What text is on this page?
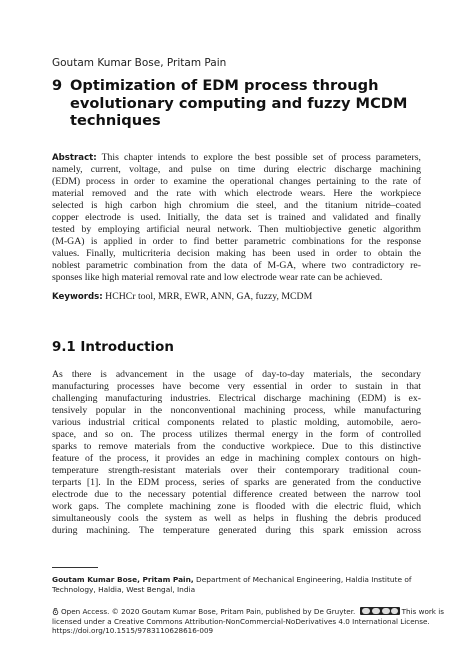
Goutam Kumar Bose, Pritam Pain
9 Optimization of EDM process through
evolutionary computing and fuzzy MCDM
techniques
Abstract: This chapter intends to explore the best possible set of process parameters,
namely, current, voltage, and pulse on time during electric discharge machining
(EDM) process in order to examine the operational changes pertaining to the rate of
material removed and the rate with which electrode wears. Here the workpiece
selected is high carbon high chromium die steel, and the titanium nitride–coated
copper electrode is used. Initially, the data set is trained and validated and finally
tested by employing artificial neural network. Then multiobjective genetic algorithm
(M-GA) is applied in order to find better parametric combinations for the response
values. Finally, multicriteria decision making has been used in order to obtain the
noblest parametric combination from the data of M-GA, where two contradictory re-
sponses like high material removal rate and low electrode wear rate can be achieved.
Keywords: HCHCr tool, MRR, EWR, ANN, GA, fuzzy, MCDM
9.1 Introduction
As there is advancement in the usage of day-to-day materials, the secondary
manufacturing processes have become very essential in order to sustain in that
challenging manufacturing industries. Electrical discharge machining (EDM) is ex-
tensively popular in the nonconventional machining process, while manufacturing
various industrial critical components related to plastic molding, automobile, aero-
space, and so on. The process utilizes thermal energy in the form of controlled
sparks to remove materials from the conductive workpiece. Due to this distinctive
feature of the process, it provides an edge in machining complex contours on high-
temperature strength-resistant materials over their contemporary traditional coun-
terparts [1]. In the EDM process, series of sparks are generated from the conductive
electrode due to the necessary potential difference created between the narrow tool
work gaps. The complete machining zone is flooded with die electric fluid, which
simultaneously cools the system as well as helps in flushing the debris produced
during machining. The temperature generated during this spark emission across
Goutam Kumar Bose, Pritam Pain, Department of Mechanical Engineering, Haldia Institute of
Technology, Haldia, West Bengal, India
Open Access. © 2020 Goutam Kumar Bose, Pritam Pain, published by De Gruyter.	This work is
licensed under a Creative Commons Attribution-NonCommercial-NoDerivatives 4.0 International License.
https://doi.org/10.1515/9783110628616-009
